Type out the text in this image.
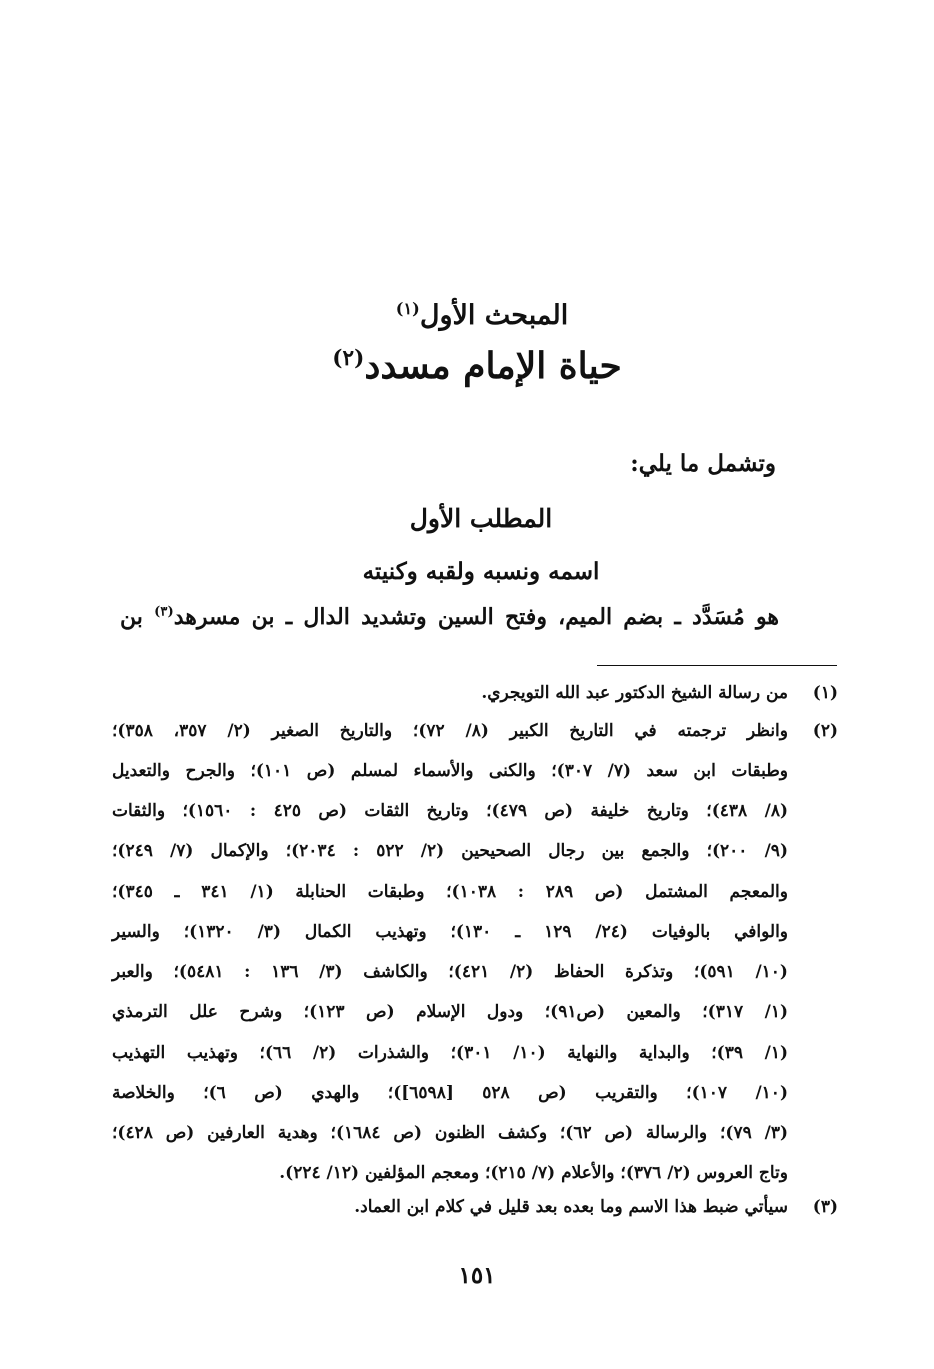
المبحث الأول$^{(١)}$
حياة الإمام مسدد$^{(٢)}$
وتشمل ما يلي:
المطلب الأول
اسمه ونسبه ولقبه وكنيته
هو مُسَدَّد ـ بضم الميم، وفتح السين وتشديد الدال ـ بن مسرهد$^{(٣)}$ بن
(١)
من رسالة الشيخ الدكتور عبد الله التويجري.
(٢)
وانظر ترجمته في التاريخ الكبير (٨/ ٧٢)؛ والتاريخ الصغير (٢/ ٣٥٧، ٣٥٨)؛
وطبقات ابن سعد (٧/ ٣٠٧)؛ والكنى والأسماء لمسلم (ص ١٠١)؛ والجرح والتعديل
(٨/ ٤٣٨)؛ وتاريخ خليفة (ص ٤٧٩)؛ وتاريخ الثقات (ص ٤٢٥ : ١٥٦٠)؛ والثقات
(٩/ ٢٠٠)؛ والجمع بين رجال الصحيحين (٢/ ٥٢٢ : ٢٠٣٤)؛ والإكمال (٧/ ٢٤٩)؛
والمعجم المشتمل (ص ٢٨٩ : ١٠٣٨)؛ وطبقات الحنابلة (١/ ٣٤١ ـ ٣٤٥)؛
والوافي بالوفيات (٢٤/ ١٢٩ ـ ١٣٠)؛ وتهذيب الكمال (٣/ ١٣٢٠)؛ والسير
(١٠/ ٥٩١)؛ وتذكرة الحفاظ (٢/ ٤٢١)؛ والكاشف (٣/ ١٣٦ : ٥٤٨١)؛ والعبر
(١/ ٣١٧)؛ والمعين (ص٩١)؛ ودول الإسلام (ص ١٢٣)؛ وشرح علل الترمذي
(١/ ٣٩)؛ والبداية والنهاية (١٠/ ٣٠١)؛ والشذرات (٢/ ٦٦)؛ وتهذيب التهذيب
(١٠/ ١٠٧)؛ والتقريب (ص ٥٢٨ [٦٥٩٨])؛ والهدي (ص ٦)؛ والخلاصة
(٣/ ٧٩)؛ والرسالة (ص ٦٢)؛ وكشف الظنون (ص ١٦٨٤)؛ وهدية العارفين (ص ٤٢٨)؛
وتاج العروس (٢/ ٣٧٦)؛ والأعلام (٧/ ٢١٥)؛ ومعجم المؤلفين (١٢/ ٢٢٤).
(٣)
سيأتي ضبط هذا الاسم وما بعده بعد قليل في كلام ابن العماد.
١٥١
